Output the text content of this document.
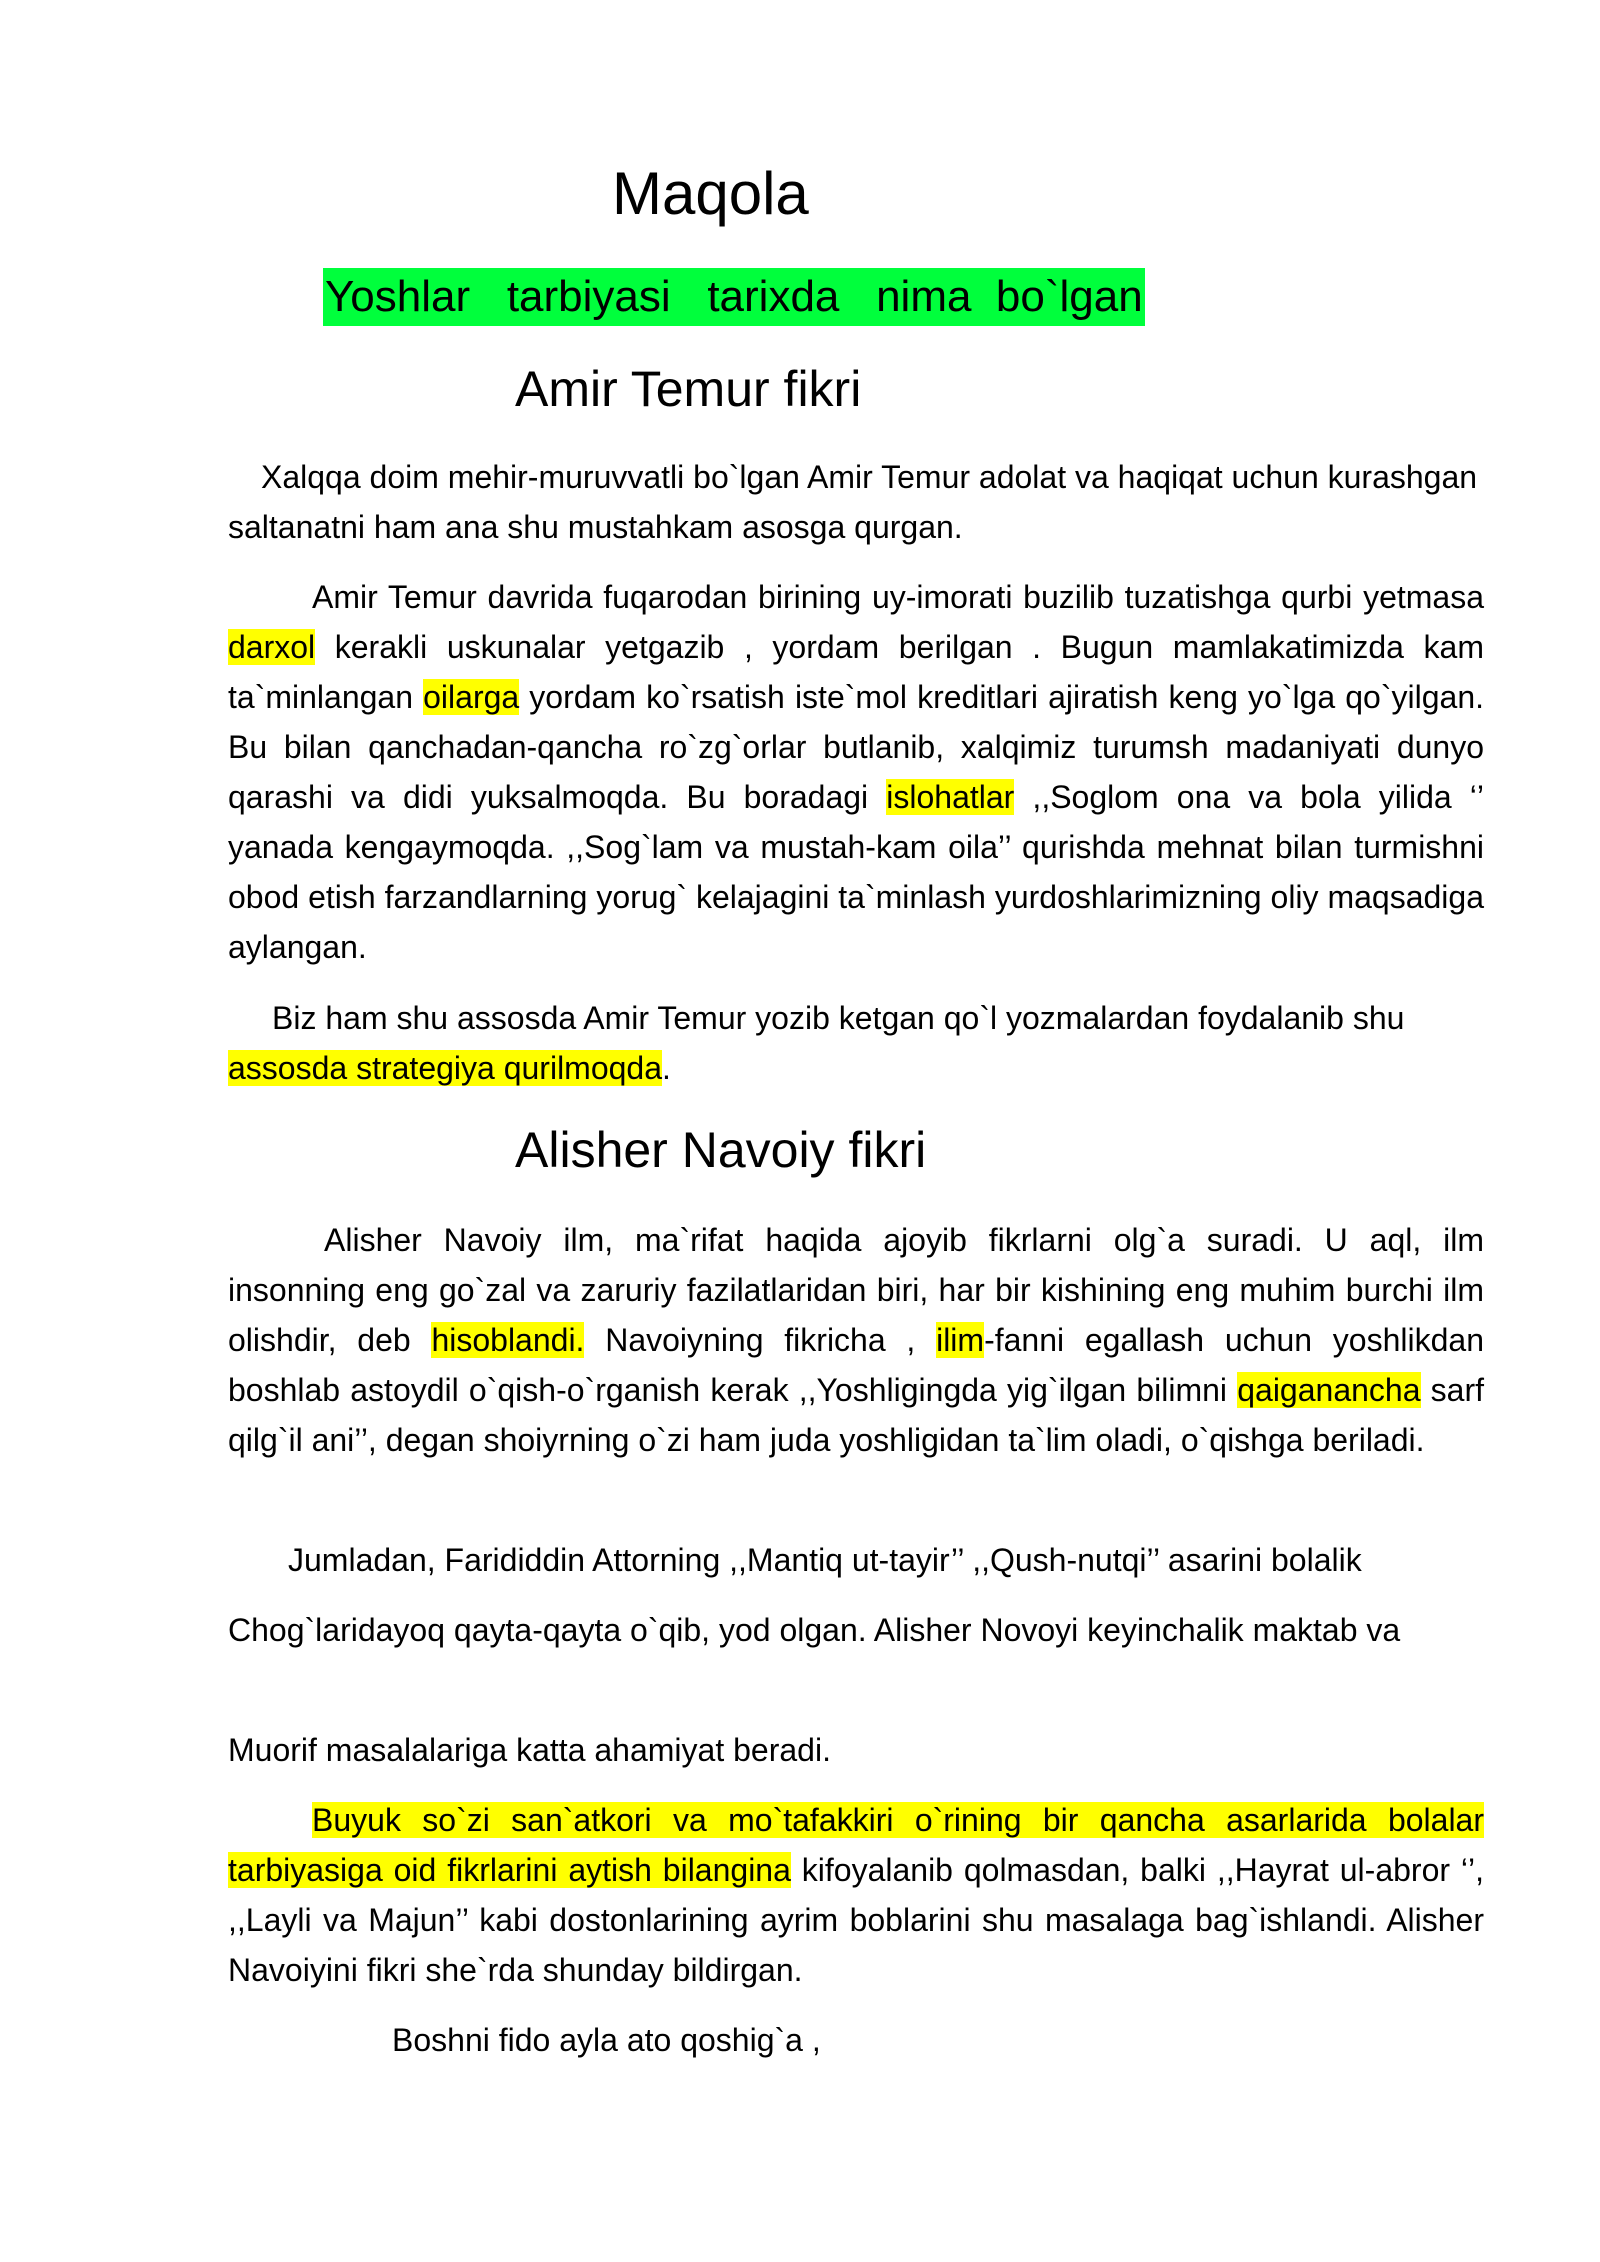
Maqola
Yoshlar   tarbiyasi   tarixda   nima  bo`lgan
Amir Temur fikri

Xalqqa doim mehir-muruvvatli bo`lgan Amir Temur adolat va haqiqat uchun kurashgan saltanatni ham ana shu mustahkam asosga qurgan.

Amir Temur davrida fuqarodan birining uy-imorati buzilib tuzatishga qurbi yetmasa darxol kerakli uskunalar yetgazib , yordam berilgan . Bugun mamlakatimizda kam ta`minlangan oilarga yordam ko`rsatish iste`mol kreditlari ajiratish keng yo`lga qo`yilgan. Bu bilan qanchadan-qancha ro`zg`orlar butlanib, xalqimiz turumsh madaniyati dunyo qarashi va didi yuksalmoqda. Bu boradagi islohatlar ,,Soglom ona va bola yilida ‘’ yanada kengaymoqda. ,,Sog`lam va mustah-kam oila’’ qurishda mehnat bilan turmishni obod etish farzandlarning yorug` kelajagini ta`minlash yurdoshlarimizning oliy maqsadiga aylangan.

Biz ham shu assosda Amir Temur yozib ketgan qo`l yozmalardan foydalanib shu assosda strategiya qurilmoqda.

Alisher Navoiy fikri

Alisher Navoiy ilm, ma`rifat haqida ajoyib fikrlarni olg`a suradi. U aql, ilm insonning eng go`zal va zaruriy fazilatlaridan biri, har bir kishining eng muhim burchi ilm olishdir, deb hisoblandi. Navoiyning fikricha , ilim-fanni egallash uchun yoshlikdan boshlab astoydil o`qish-o`rganish kerak ,,Yoshligingda yig`ilgan bilimni qaiganancha sarf qilg`il ani’’, degan shoiyrning o`zi ham juda yoshligidan ta`lim oladi, o`qishga beriladi.

Jumladan, Farididdin Attorning ,,Mantiq ut-tayir’’ ,,Qush-nutqi’’ asarini bolalik

Chog`laridayoq qayta-qayta o`qib, yod olgan. Alisher Novoyi keyinchalik maktab va

Muorif masalalariga katta ahamiyat beradi.

Buyuk so`zi san`atkori va mo`tafakkiri o`rining bir qancha asarlarida bolalar tarbiyasiga oid fikrlarini aytish bilangina kifoyalanib qolmasdan, balki ,,Hayrat ul-abror ‘’, ,,Layli va Majun’’ kabi dostonlarining ayrim boblarini shu masalaga bag`ishlandi. Alisher Navoiyini fikri she`rda shunday bildirgan.

Boshni fido ayla ato qoshig`a ,
